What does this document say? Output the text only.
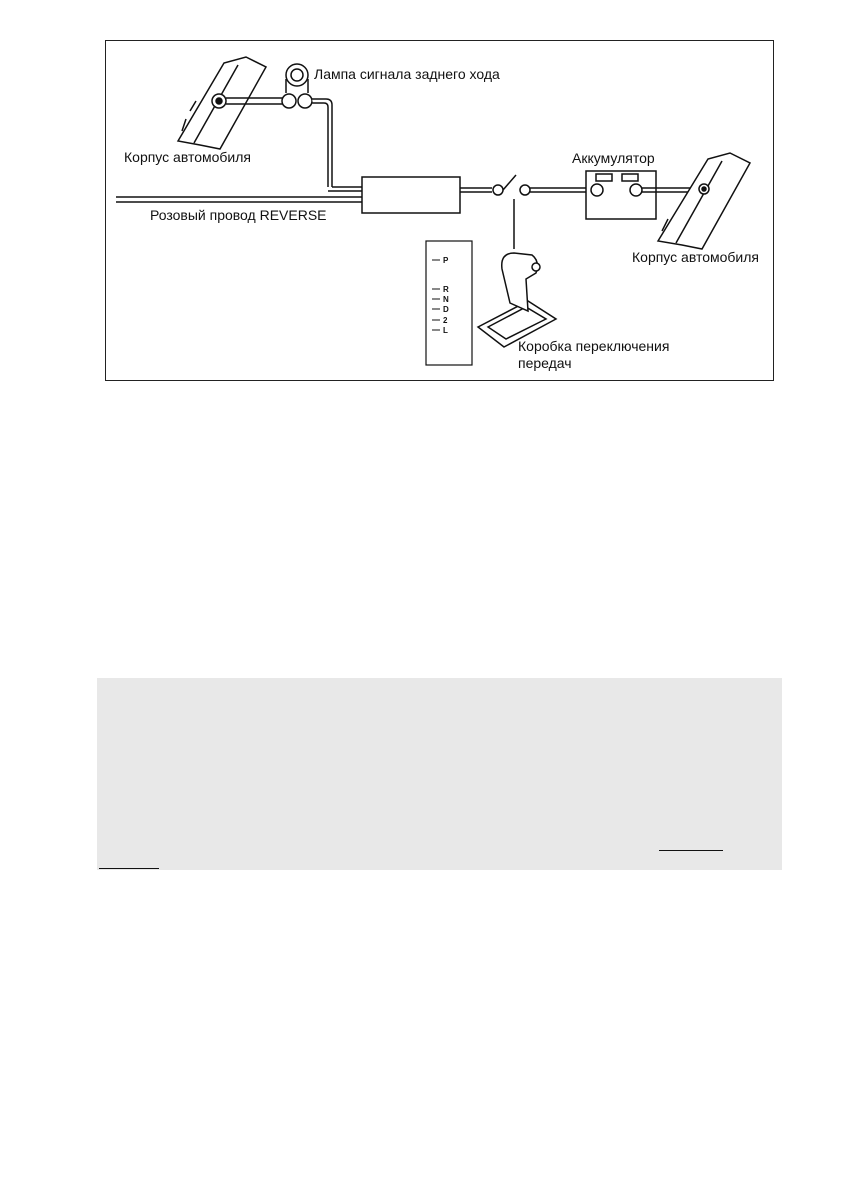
P
R
N
D
2
L
Лампа сигнала заднего хода
Корпус автомобиля
Розовый провод REVERSE
Аккумулятор
Корпус автомобиля
Коробка переключения
передач
